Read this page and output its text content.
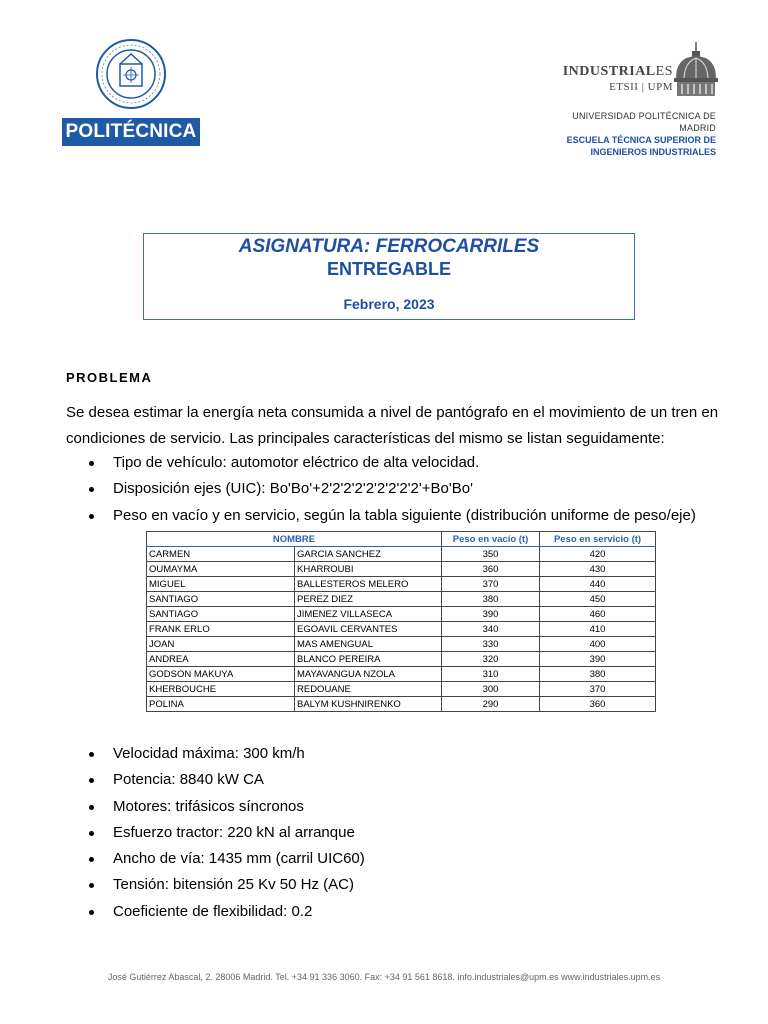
POLITÉCNICA
INDUSTRIALES
ETSII | UPM
UNIVERSIDAD POLITÉCNICA DE MADRID
ESCUELA TÉCNICA SUPERIOR DE
INGENIEROS INDUSTRIALES
ASIGNATURA: FERROCARRILES
ENTREGABLE
Febrero, 2023
PROBLEMA
Se desea estimar la energía neta consumida a nivel de pantógrafo en el movimiento de un tren en condiciones de servicio. Las principales características del mismo se listan seguidamente:
Tipo de vehículo: automotor eléctrico de alta velocidad.
Disposición ejes (UIC): Bo'Bo'+2'2'2'2'2'2'2'2'2'+Bo'Bo'
Peso en vacío y en servicio, según la tabla siguiente (distribución uniforme de peso/eje)
NOMBRE		Peso en vacío (t)	Peso en servicio (t)
CARMEN	GARCIA SANCHEZ	350	420
OUMAYMA	KHARROUBI	360	430
MIGUEL	BALLESTEROS MELERO	370	440
SANTIAGO	PEREZ DIEZ	380	450
SANTIAGO	JIMENEZ VILLASECA	390	460
FRANK ERLO	EGOAVIL CERVANTES	340	410
JOAN	MAS AMENGUAL	330	400
ANDREA	BLANCO PEREIRA	320	390
GODSON MAKUYA	MAYAVANGUA NZOLA	310	380
KHERBOUCHE	REDOUANE	300	370
POLINA	BALYM KUSHNIRENKO	290	360
Velocidad máxima: 300 km/h
Potencia: 8840 kW CA
Motores: trifásicos síncronos
Esfuerzo tractor: 220 kN al arranque
Ancho de vía: 1435 mm (carril UIC60)
Tensión: bitensión 25 Kv 50 Hz (AC)
Coeficiente de flexibilidad: 0.2
José Gutiérrez Abascal, 2. 28006 Madrid. Tel. +34 91 336 3060. Fax: +34 91 561 8618. info.industriales@upm.es www.industriales.upm.es
